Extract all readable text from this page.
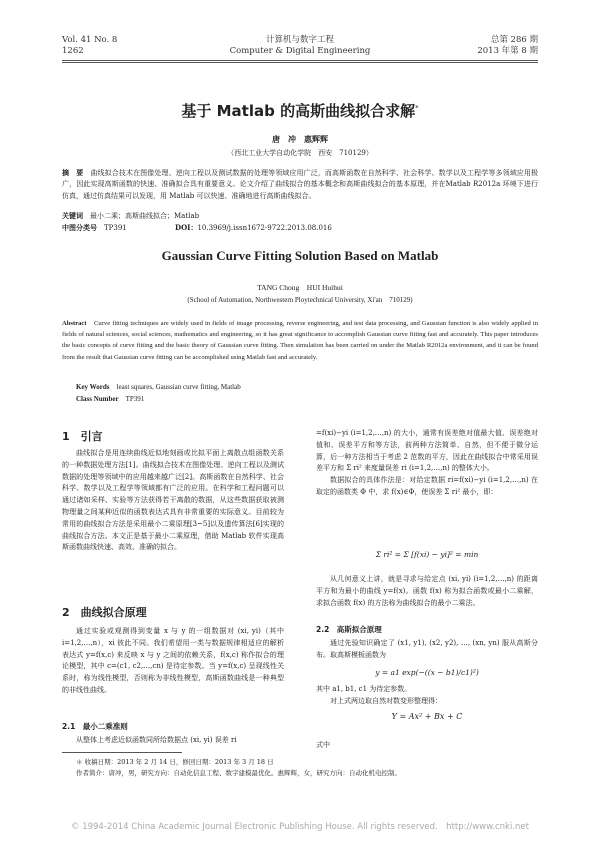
Vol. 41 No. 8
1262
计算机与数字工程
Computer & Digital Engineering
总第 286 期
2013 年第 8 期
基于 Matlab 的高斯曲线拟合求解*
唐　冲　惠辉辉
（西北工业大学自动化学院　西安　710129）
摘　要　 曲线拟合技术在图像处理、逆向工程以及测试数据的处理等领域应用广泛，而高斯函数在自然科学、社会科学、数学以及工程学等多领域应用极广，因此实现高斯函数的快速、准确拟合具有重要意义。论文介绍了曲线拟合的基本概念和高斯曲线拟合的基本原理，并在Matlab R2012a 环境下进行仿真，通过仿真结果可以发现，用 Matlab 可以快速、准确地进行高斯曲线拟合。
关键词　 最小二乘；高斯曲线拟合；Matlab
中图分类号　 TP391	DOI：10.3969/j.issn1672-9722.2013.08.016
Gaussian Curve Fitting Solution Based on Matlab
TANG Chong　HUI Huihui
(School of Automation, Northwestern Ploytechnical University, Xi'an　710129)
Abstract　 Curve fitting techniques are widely used in fields of image processing, reverse engineering, and test data processing, and Gaussian function is also widely applied in fields of natural sciences, social sciences, mathematics and engineering, so it has great significance to accomplish Gaussian curve fitting fast and accurately. This paper introduces the basic concepts of curve fitting and the basic theory of Gaussian curve fitting. Then simulation has been carried on under the Matlab R2012a environment, and it can be found from the result that Gaussian curve fitting can be accomplished using Matlab fast and accurately.
Key Words　 least squares, Gaussian curve fitting, Matlab
Class Number　 TP391
1　引言

曲线拟合是用连续曲线近似地刻画或比拟平面上离散点组函数关系的一种数据处理方法[1]。曲线拟合技术在图像处理、逆向工程以及测试数据的处理等领域中的应用越来越广泛[2]。高斯函数在自然科学、社会科学、数学以及工程学等领域都有广泛的应用。在科学和工程问题可以通过诸如采样、实验等方法获得若干离散的数据，从这些数据获取被测物理量之间某种近似的函数表达式具有非常重要的实际意义。目前较为常用的曲线拟合方法是采用最小二乘原理[3~5]以及遗传算法[6]实现的曲线拟合方法。本文正是基于最小二乘原理，借助 Matlab 软件实现高斯函数曲线快速、高效、准确的拟合。

2　曲线拟合原理

通过实验或观测得到变量 x 与 y 的一组数据对 (xi, yi)（其中 i=1,2,…,n），xi 彼此不同。我们希望用一类与数据规律相适应的解析表达式 y=f(x,c) 来反映 x 与 y 之间的依赖关系，f(x,c) 称作拟合的理论模型，其中 c=(c1, c2,…,cn) 是待定参数。当 y=f(x,c) 呈现线性关系时，称为线性模型，否则称为非线性模型，高斯函数曲线是一种典型的非线性曲线。

2.1　最小二乘准则

从整体上考虑近似函数同所给数据点 (xi, yi) 误差 ri

=f(xi)−yi (i=1,2,…,n) 的大小，通常有误差绝对值最大值、误差绝对值和、误差平方和等方法，前两种方法简单、自然，但不便于微分运算，后一种方法相当于考虑 2 范数的平方，因此在曲线拟合中常采用误差平方和 Σ ri² 来度量误差 ri (i=1,2,…,n) 的整体大小。

数据拟合的具体作法是：对给定数据 ri=f(xi)−yi (i=1,2,…,n) 在取定的函数类 Φ 中，求 f(x)∈Φ，使误差 Σ ri² 最小，即：

Σ ri² = Σ [f(xi) − yi]² = min

从几何意义上讲，就是寻求与给定点 (xi, yi) (i=1,2,…,n) 的距离平方和为最小的曲线 y=f(x)。函数 f(x) 称为拟合函数或最小二乘解，求拟合函数 f(x) 的方法称为曲线拟合的最小二乘法。

2.2　高斯拟合原理

通过先验知识确定了 (x1, y1), (x2, y2), …, (xn, yn) 服从高斯分布。取高斯模板函数为

y = a1 exp(−((x − b1)/c1)²)

其中 a1, b1, c1 为待定参数。

对上式两边取自然对数变形整理得：

Y = Ax² + Bx + C

式中

＊ 收稿日期：2013 年 2 月 14 日，修回日期：2013 年 3 月 18 日
作者简介：唐冲，男，研究方向：自动化信息工程、数字建模最优化。惠辉辉，女，研究方向：自动化机电控制。
© 1994-2014 China Academic Journal Electronic Publishing House. All rights reserved.　http://www.cnki.net
